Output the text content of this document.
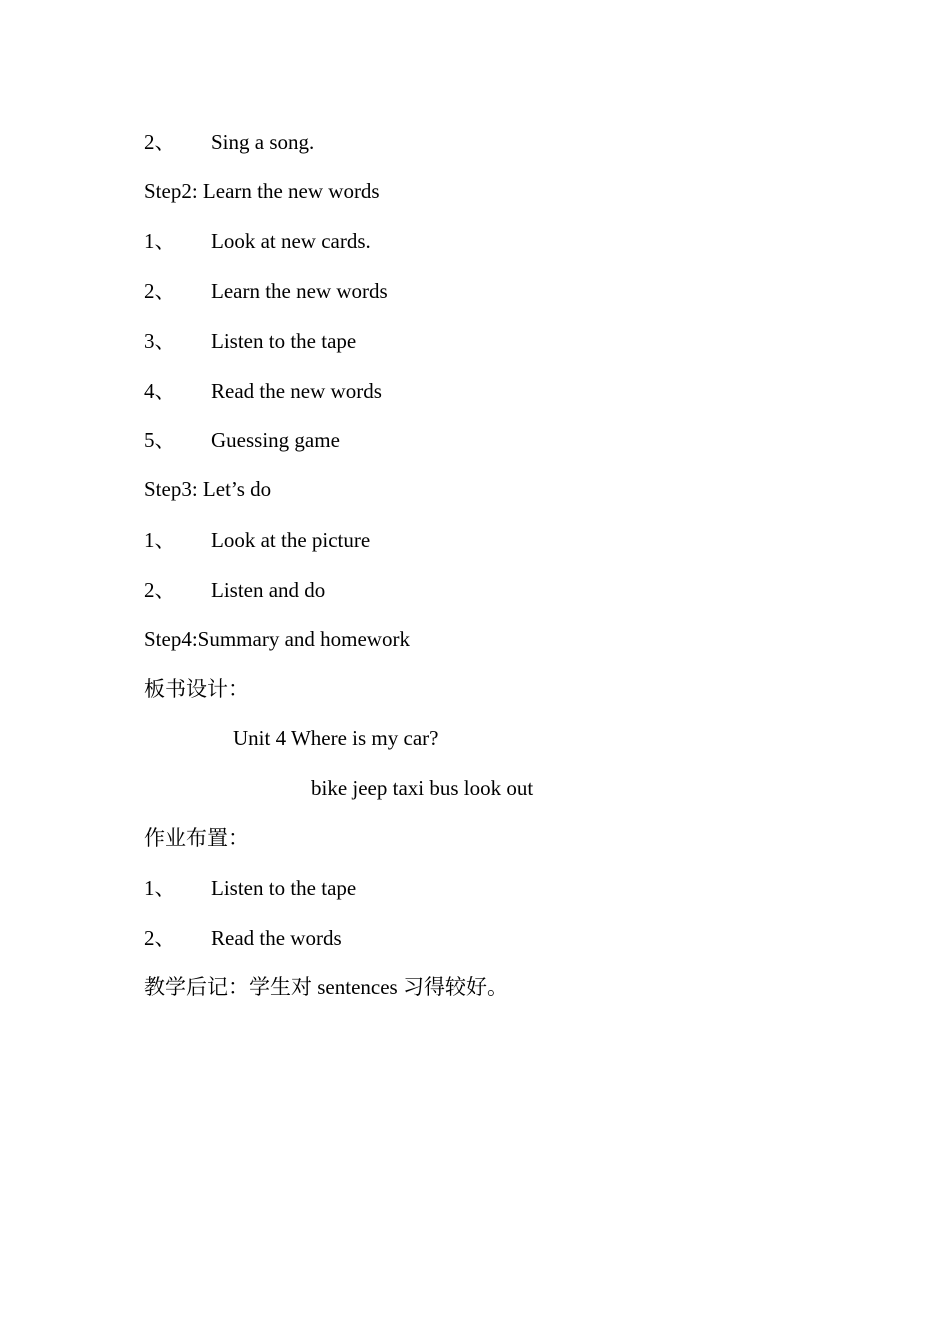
2、 Sing a song.
Step2: Learn the new words
1、 Look at new cards.
2、 Learn the new words
3、 Listen to the tape
4、 Read the new words
5、 Guessing game
Step3: Let’s do
1、 Look at the picture
2、 Listen and do
Step4:Summary and homework
板书设计：
Unit 4 Where is my car?
bike jeep taxi bus look out
作业布置：
1、 Listen to the tape
2、 Read the words
教学后记：学生对 sentences 习得较好。
